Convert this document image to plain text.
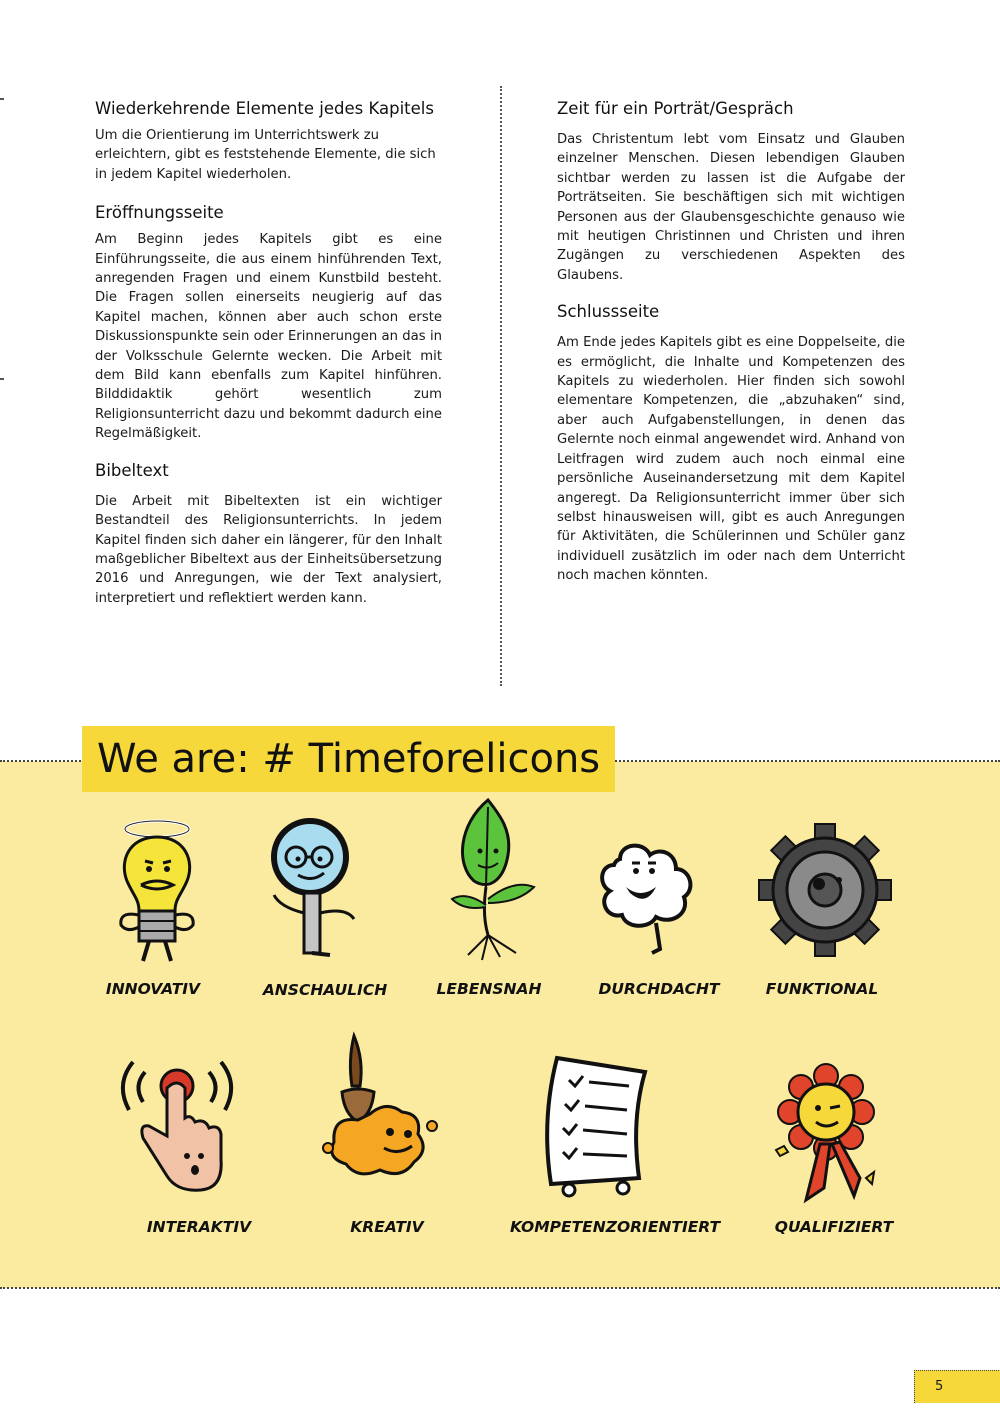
Wiederkehrende Elemente jedes Kapitels

Um die Orientierung im Unterrichtswerk zu erleichtern, gibt es feststehende Elemente, die sich in jedem Kapitel wiederholen.

Eröffnungsseite

Am Beginn jedes Kapitels gibt es eine Einführungsseite, die aus einem hinführenden Text, anregenden Fragen und einem Kunstbild besteht. Die Fragen sollen einerseits neugierig auf das Kapitel machen, können aber auch schon erste Diskussionspunkte sein oder Erinnerungen an das in der Volksschule Gelernte wecken. Die Arbeit mit dem Bild kann ebenfalls zum Kapitel hinführen. Bilddidaktik gehört wesentlich zum Religionsunterricht dazu und bekommt dadurch eine Regelmäßigkeit.

Bibeltext

Die Arbeit mit Bibeltexten ist ein wichtiger Bestandteil des Religionsunterrichts. In jedem Kapitel finden sich daher ein längerer, für den Inhalt maßgeblicher Bibeltext aus der Einheitsübersetzung 2016 und Anregungen, wie der Text analysiert, interpretiert und reflektiert werden kann.

Zeit für ein Porträt/Gespräch

Das Christentum lebt vom Einsatz und Glauben einzelner Menschen. Diesen lebendigen Glauben sichtbar werden zu lassen ist die Aufgabe der Porträtseiten. Sie beschäftigen sich mit wichtigen Personen aus der Glaubensgeschichte genauso wie mit heutigen Christinnen und Christen und ihren Zugängen zu verschiedenen Aspekten des Glaubens.

Schlussseite

Am Ende jedes Kapitels gibt es eine Doppelseite, die es ermöglicht, die Inhalte und Kompetenzen des Kapitels zu wiederholen. Hier finden sich sowohl elementare Kompetenzen, die „abzuhaken“ sind, aber auch Aufgabenstellungen, in denen das Gelernte noch einmal angewendet wird. Anhand von Leitfragen wird zudem auch noch einmal eine persönliche Auseinandersetzung mit dem Kapitel angeregt. Da Religionsunterricht immer über sich selbst hinausweisen will, gibt es auch Anregungen für Aktivitäten, die Schülerinnen und Schüler ganz individuell zusätzlich im oder nach dem Unterricht noch machen könnten.

We are: # Timeforelicons
INNOVATIV	ANSCHAULICH	LEBENSNAH	DURCHDACHT	FUNKTIONAL
INTERAKTIV	KREATIV	KOMPETENZORIENTIERT	QUALIFIZIERT
5
